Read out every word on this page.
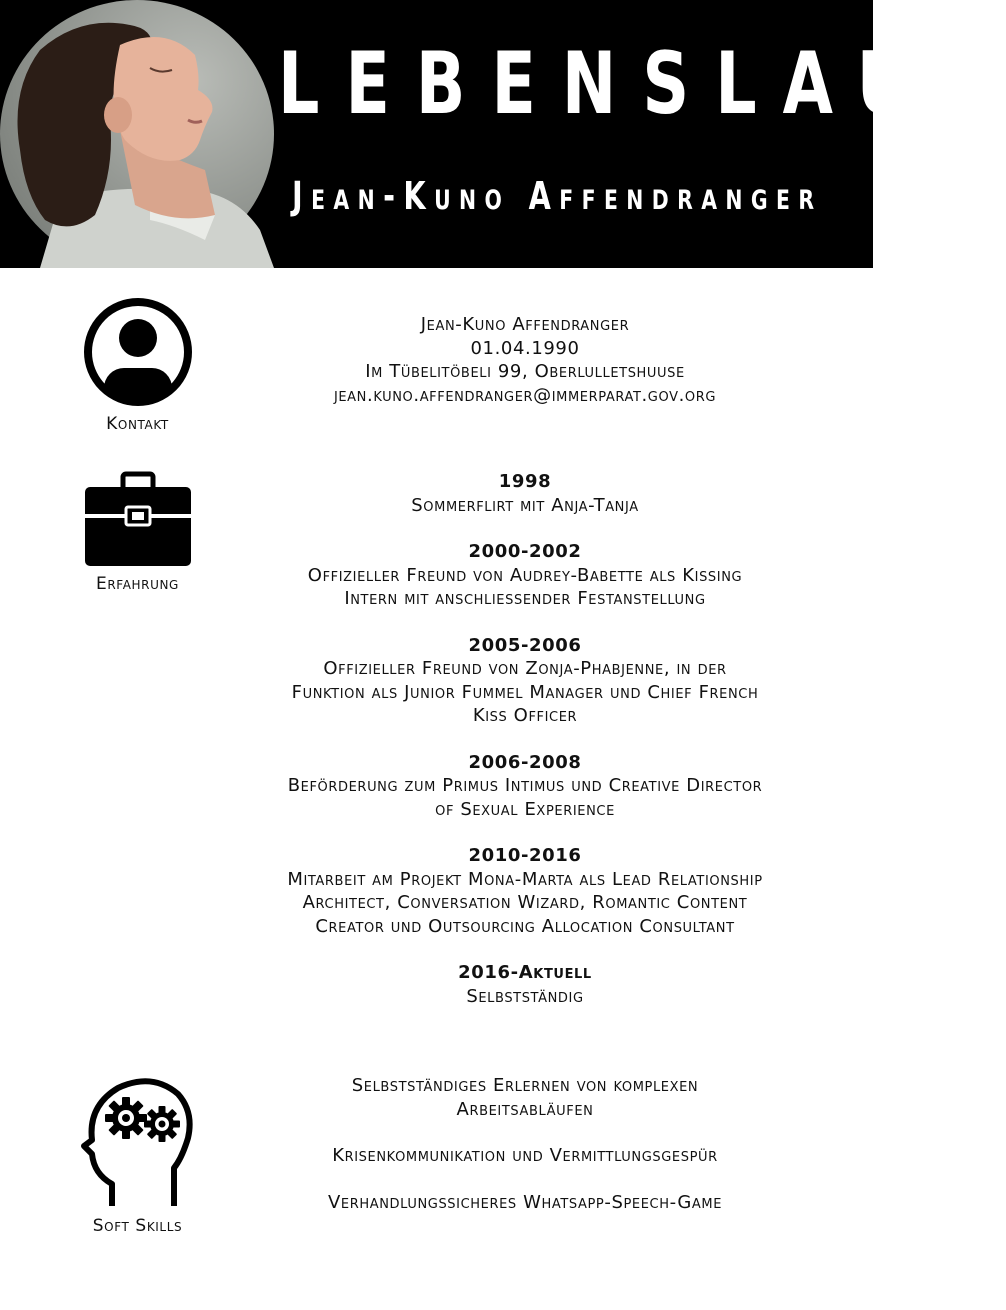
LEBENSLAUF
Jean-Kuno Affendranger
Kontakt
Jean-Kuno Affendranger
01.04.1990
Im Tübelitöbeli 99, Oberlulletshuuse
jean.kuno.affendranger@immerparat.gov.org
Erfahrung
1998
Sommerflirt mit Anja-Tanja
2000-2002
Offizieller Freund von Audrey-Babette als Kissing
Intern mit anschliessender Festanstellung
2005-2006
Offizieller Freund von Zonja-Phabjenne, in der
Funktion als Junior Fummel Manager und Chief French
Kiss Officer
2006-2008
Beförderung zum Primus Intimus und Creative Director
of Sexual Experience
2010-2016
Mitarbeit am Projekt Mona-Marta als Lead Relationship
Architect, Conversation Wizard, Romantic Content
Creator und Outsourcing Allocation Consultant
2016-Aktuell
Selbstständig
Soft Skills
Selbstständiges Erlernen von komplexen
Arbeitsabläufen
Krisenkommunikation und Vermittlungsgespür
Verhandlungssicheres Whatsapp-Speech-Game
